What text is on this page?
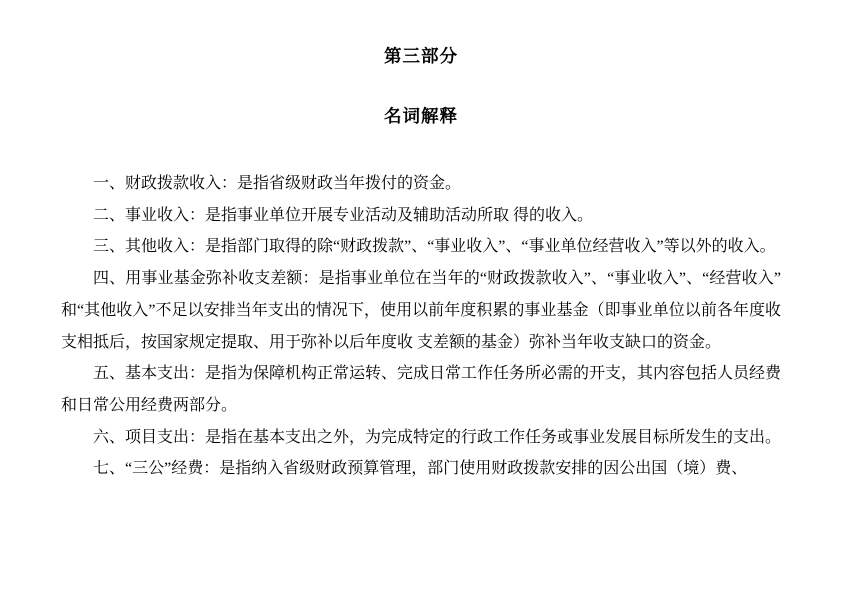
第三部分
名词解释

一、财政拨款收入：是指省级财政当年拨付的资金。

二、事业收入：是指事业单位开展专业活动及辅助活动所取 得的收入。

三、其他收入：是指部门取得的除“财政拨款”、“事业收入”、“事业单位经营收入”等以外的收入。

四、用事业基金弥补收支差额：是指事业单位在当年的“财政拨款收入”、“事业收入”、“经营收入”和“其他收入”不足以安排当年支出的情况下，使用以前年度积累的事业基金（即事业单位以前各年度收支相抵后，按国家规定提取、用于弥补以后年度收 支差额的基金）弥补当年收支缺口的资金。

五、基本支出：是指为保障机构正常运转、完成日常工作任务所必需的开支，其内容包括人员经费和日常公用经费两部分。

六、项目支出：是指在基本支出之外，为完成特定的行政工作任务或事业发展目标所发生的支出。

七、“三公”经费：是指纳入省级财政预算管理，部门使用财政拨款安排的因公出国（境）费、
